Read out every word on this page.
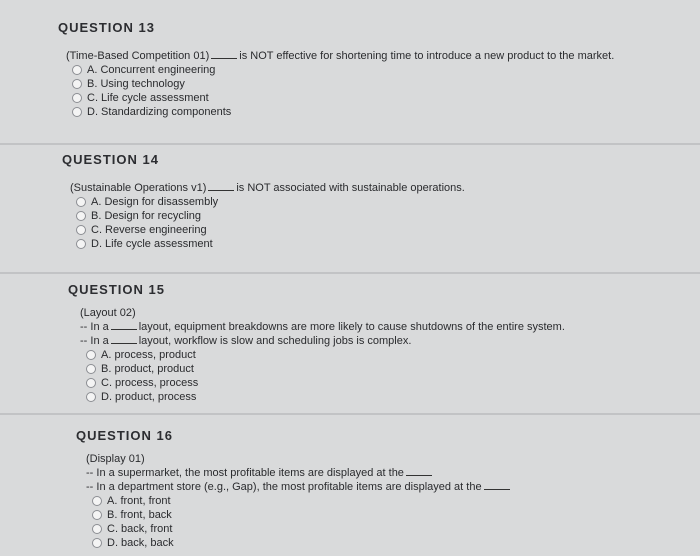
QUESTION 13
(Time-Based Competition 01)	is NOT effective for shortening time to introduce a new product to the market.
A. Concurrent engineering
B. Using technology
C. Life cycle assessment
D. Standardizing components
QUESTION 14
(Sustainable Operations v1)	is NOT associated with sustainable operations.
A. Design for disassembly
B. Design for recycling
C. Reverse engineering
D. Life cycle assessment
QUESTION 15
(Layout 02)
-- In a	layout, equipment breakdowns are more likely to cause shutdowns of the entire system.
-- In a	layout, workflow is slow and scheduling jobs is complex.
A. process, product
B. product, product
C. process, process
D. product, process
QUESTION 16
(Display 01)
-- In a supermarket, the most profitable items are displayed at the
-- In a department store (e.g., Gap), the most profitable items are displayed at the
A. front, front
B. front, back
C. back, front
D. back, back
